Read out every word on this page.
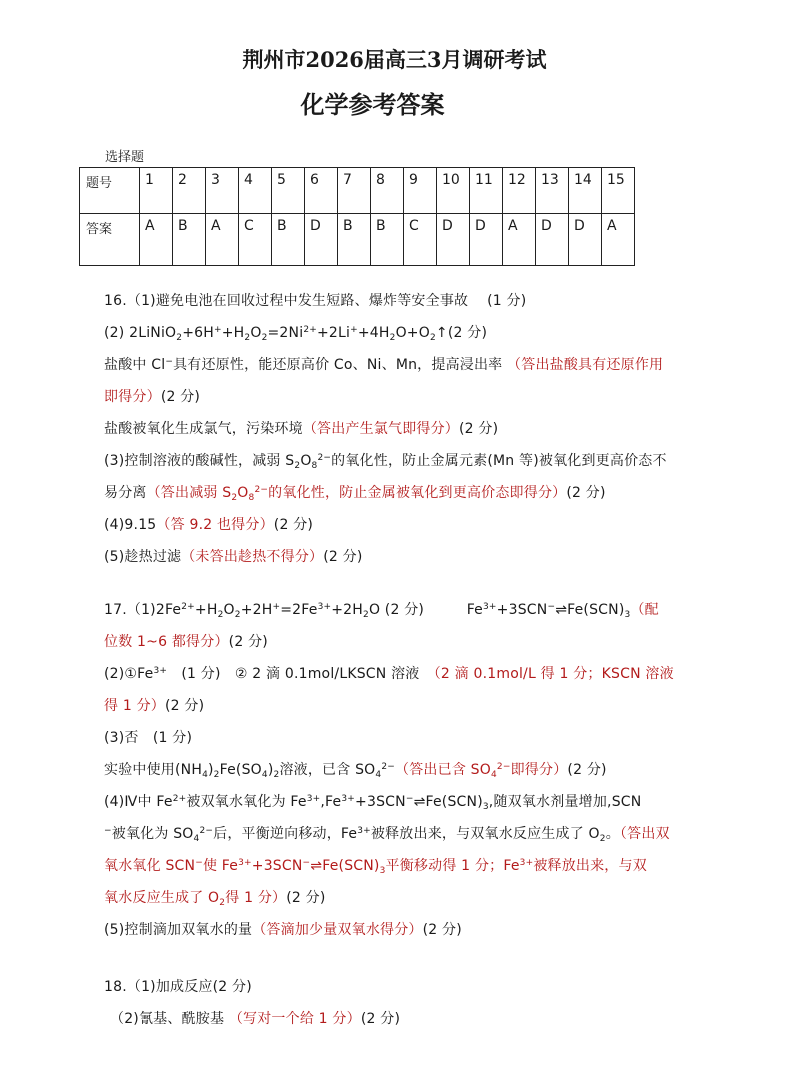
荆州市2026届高三3月调研考试
化学参考答案
选择题
题号	1	2	3	4	5	6	7	8	9	10	11	12	13	14	15
答案	A	B	A	C	B	D	B	B	C	D	D	A	D	D	A
16.（1)避免电池在回收过程中发生短路、爆炸等安全事故　 (1 分)
(2) $2LiNiO_2+6H^++H_2O_2=2Ni^{2+}+2Li^++4H_2O+O_2↑(2$ 分)
盐酸中 Cl−具有还原性，能还原高价 Co、Ni、Mn，提高浸出率 （答出盐酸具有还原作用
即得分）(2 分)
盐酸被氧化生成氯气，污染环境（答出产生氯气即得分）(2 分)
(3)控制溶液的酸碱性，减弱 $S_2O_8^{2-}$的氧化性，防止金属元素(Mn 等)被氧化到更高价态不
易分离（答出减弱 $S_2O_8^{2-}$的氧化性，防止金属被氧化到更高价态即得分）(2 分)
(4)9.15（答 9.2 也得分）(2 分)
(5)趁热过滤（未答出趁热不得分）(2 分)
$17.(1)2Fe^{2+}+H_2O_2+2H^+=2Fe^{3+}+2H_2O$ (2 分)　　　$Fe^{3+}+3SCN^-\rightleftharpoons Fe(SCN)_3$（配
位数 1~6 都得分）(2 分)
$(2)①Fe^{3+}$　(1 分)　② 2 滴 0.1mol/LKSCN 溶液　（2 滴 0.1mol/L 得 1 分；KSCN 溶液
得 1 分）(2 分)
(3)否　(1 分)
实验中使用$(NH_4)_2Fe(SO_4)_2$溶液，已含 $SO_4^{2-}$（答出已含 $SO_4^{2-}$即得分）(2 分)
(4)Ⅳ中 $Fe^{2+}$被双氧水氧化为 $Fe^{3+},Fe^{3+}+3SCN^-\rightleftharpoons Fe(SCN)_3$,随双氧水剂量增加,SCN
−被氧化为 $SO_4^{2-}$后，平衡逆向移动，$Fe^{3+}$被释放出来，与双氧水反应生成了 $O_2$。（答出双
氧水氧化 SCN−使 $Fe^{3+}+3SCN^-\rightleftharpoons Fe(SCN)_3$平衡移动得 1 分；$Fe^{3+}$被释放出来，与双
氧水反应生成了 $O_2$得 1 分）(2 分)
(5)控制滴加双氧水的量（答滴加少量双氧水得分）(2 分)
18.（1)加成反应(2 分)
（2)氰基、酰胺基 （写对一个给 1 分）(2 分)
